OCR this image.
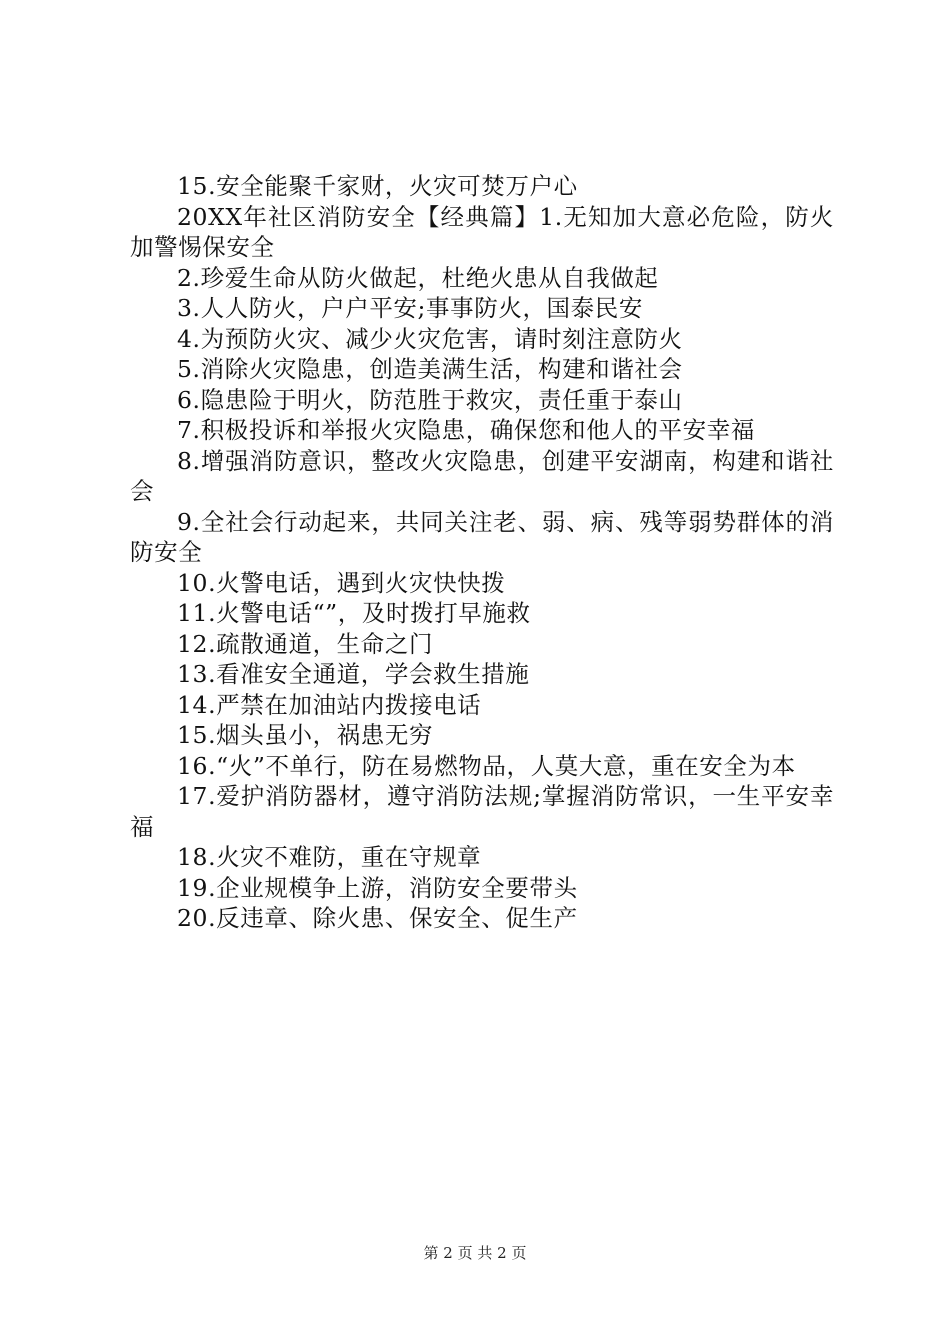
15.安全能聚千家财，火灾可焚万户心

20XX年社区消防安全【经典篇】1.无知加大意必危险，防火加警惕保安全

2.珍爱生命从防火做起，杜绝火患从自我做起

3.人人防火，户户平安;事事防火，国泰民安

4.为预防火灾、减少火灾危害，请时刻注意防火

5.消除火灾隐患，创造美满生活，构建和谐社会

6.隐患险于明火，防范胜于救灾，责任重于泰山

7.积极投诉和举报火灾隐患，确保您和他人的平安幸福

8.增强消防意识，整改火灾隐患，创建平安湖南，构建和谐社会

9.全社会行动起来，共同关注老、弱、病、残等弱势群体的消防安全

10.火警电话，遇到火灾快快拨

11.火警电话“”，及时拨打早施救

12.疏散通道，生命之门

13.看准安全通道，学会救生措施

14.严禁在加油站内拨接电话

15.烟头虽小，祸患无穷

16.“火”不单行，防在易燃物品，人莫大意，重在安全为本

17.爱护消防器材，遵守消防法规;掌握消防常识，一生平安幸福

18.火灾不难防，重在守规章

19.企业规模争上游，消防安全要带头

20.反违章、除火患、保安全、促生产

第 2 页 共 2 页
